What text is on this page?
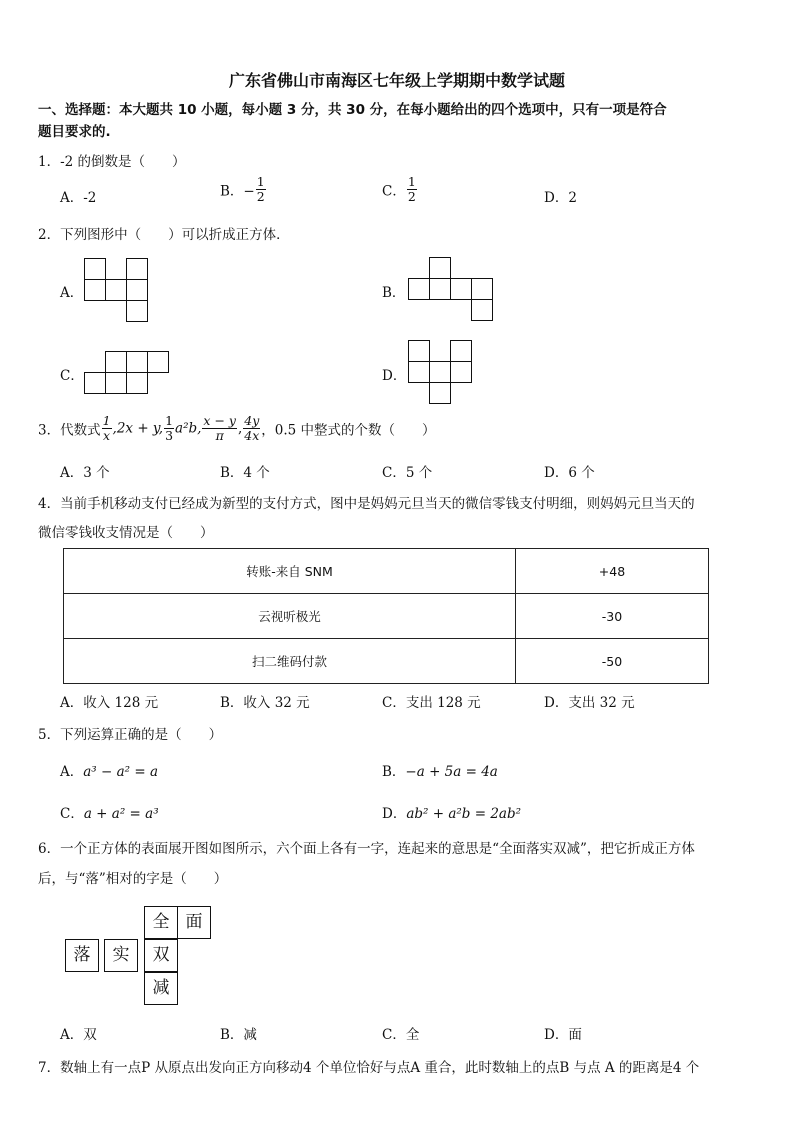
广东省佛山市南海区七年级上学期期中数学试题
一、选择题：本大题共 10 小题，每小题 3 分，共 30 分，在每小题给出的四个选项中，只有一项是符合
题目要求的.
1．-2 的倒数是（　　）
A．-2	B．− $\frac{1}{2}$	C． $\frac{1}{2}$	D．2
2．下列图形中（　　）可以折成正方体．
A．	B．
C．	D．
3．代数式 $\frac{1}{x} ,2x + y$, $\frac{1}{3} a^2b$, $\frac{x - y}{\pi}$ , $\frac{4y}{4x}$ ，0.5 中整式的个数（　　）
A．3 个	B．4 个	C．5 个	D．6 个
4．当前手机移动支付已经成为新型的支付方式，图中是妈妈元旦当天的微信零钱支付明细，则妈妈元旦当天的
微信零钱收支情况是（　　）
转账-来自 SNM	+48
云视听极光	-30
扫二维码付款	-50
A．收入 128 元	B．收入 32 元	C．支出 128 元	D．支出 32 元
5．下列运算正确的是（　　）
A．a³ − a² = a	B．−a + 5a = 4a
C．a + a² = a³	D．ab² + a²b = 2ab²
6．一个正方体的表面展开图如图所示，六个面上各有一字，连起来的意思是“全面落实双减”，把它折成正方体
后，与“落”相对的字是（　　）
全 面
落	实	双
减
A．双	B．减	C．全	D．面
7．数轴上有一点P 从原点出发向正方向移动4 个单位恰好与点A 重合，此时数轴上的点B 与点 A 的距离是4 个
